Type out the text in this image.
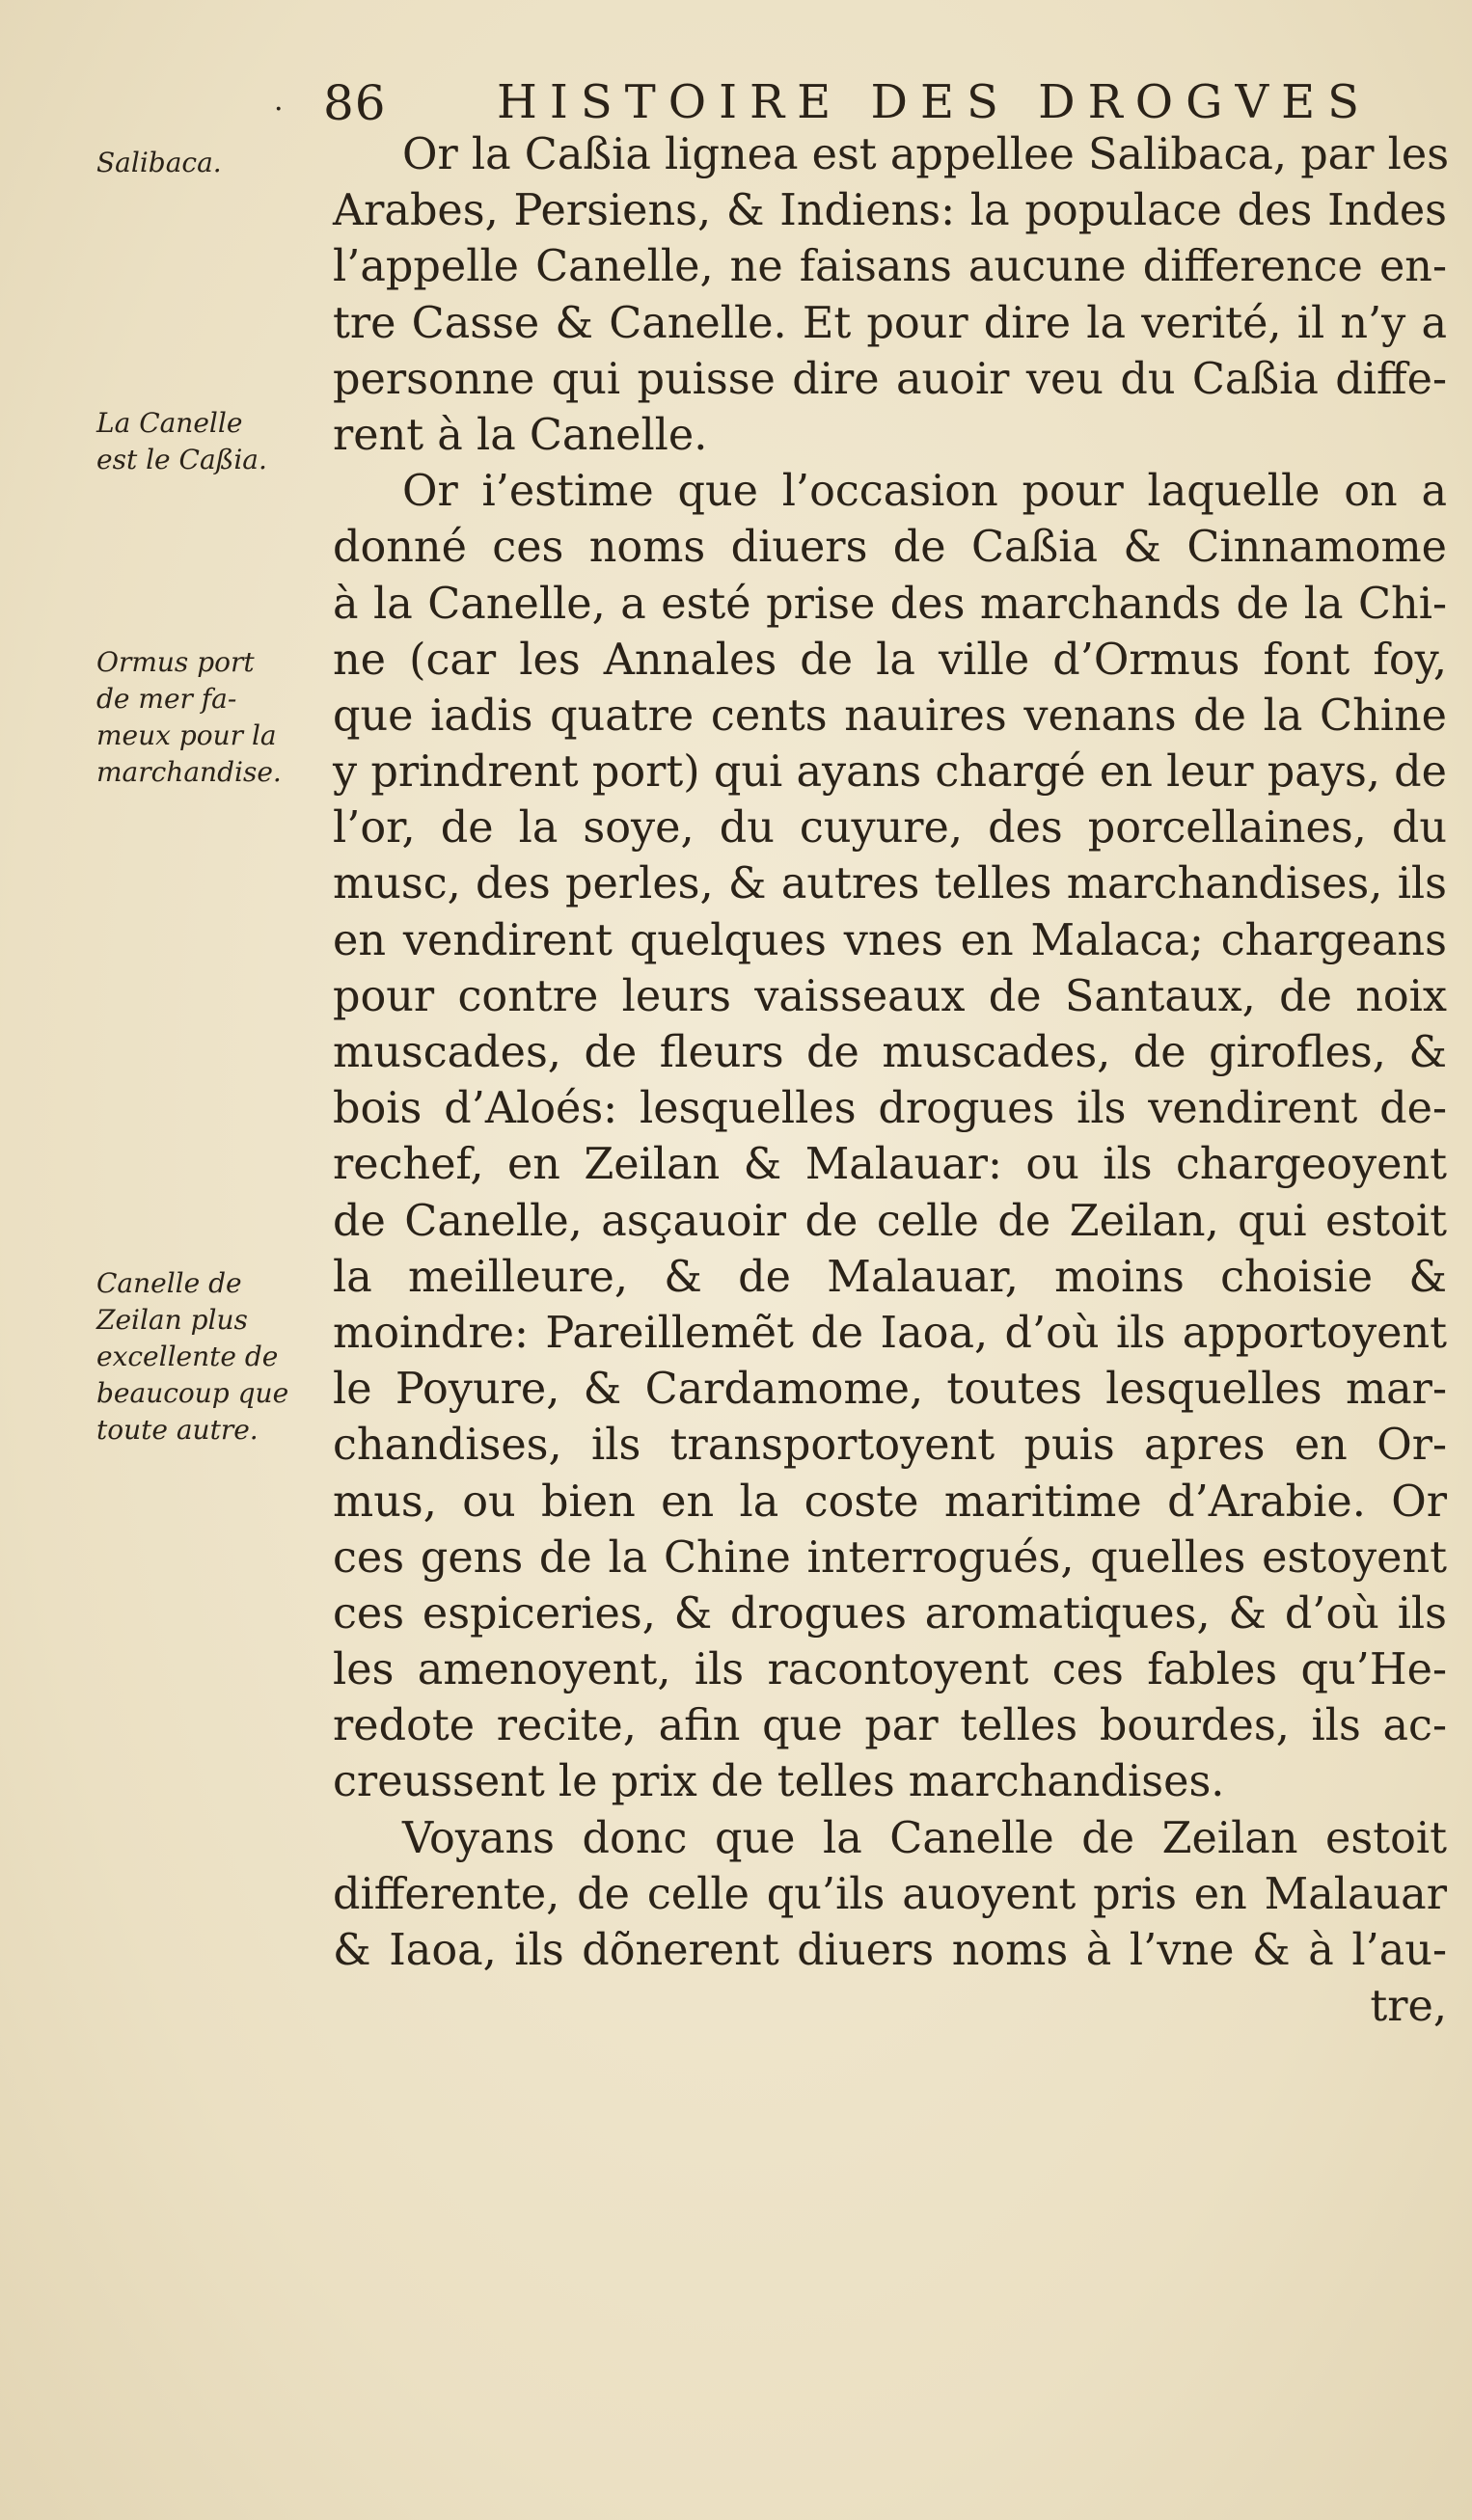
· 86 HISTOIRE DES DROGVES
Salibaca.
La Canelle
est le Caßia.
Ormus port
de mer fa-
meux pour la
marchandise.
Canelle de
Zeilan plus
excellente de
beaucoup que
toute autre.
Or la Caßia lignea est appellee Salibaca, par les
Arabes, Persiens, & Indiens: la populace des Indes
l’appelle Canelle, ne faisans aucune difference en-
tre Casse & Canelle. Et pour dire la verité, il n’y a
personne qui puisse dire auoir veu du Caßia diffe-
rent à la Canelle.
Or i’estime que l’occasion pour laquelle on a
donné ces noms diuers de Caßia & Cinnamome
à la Canelle, a esté prise des marchands de la Chi-
ne (car les Annales de la ville d’Ormus font foy,
que iadis quatre cents nauires venans de la Chine
y prindrent port) qui ayans chargé en leur pays, de
l’or, de la soye, du cuyure, des porcellaines, du
musc, des perles, & autres telles marchandises, ils
en vendirent quelques vnes en Malaca; chargeans
pour contre leurs vaisseaux de Santaux, de noix
muscades, de fleurs de muscades, de girofles, &
bois d’Aloés: lesquelles drogues ils vendirent de-
rechef, en Zeilan & Malauar: ou ils chargeoyent
de Canelle, asçauoir de celle de Zeilan, qui estoit
la meilleure, & de Malauar, moins choisie &
moindre: Pareillemẽt de Iaoa, d’où ils apportoyent
le Poyure, & Cardamome, toutes lesquelles mar-
chandises, ils transportoyent puis apres en Or-
mus, ou bien en la coste maritime d’Arabie. Or
ces gens de la Chine interrogués, quelles estoyent
ces espiceries, & drogues aromatiques, & d’où ils
les amenoyent, ils racontoyent ces fables qu’He-
redote recite, afin que par telles bourdes, ils ac-
creussent le prix de telles marchandises.
Voyans donc que la Canelle de Zeilan estoit
differente, de celle qu’ils auoyent pris en Malauar
& Iaoa, ils dõnerent diuers noms à l’vne & à l’au-
tre,
